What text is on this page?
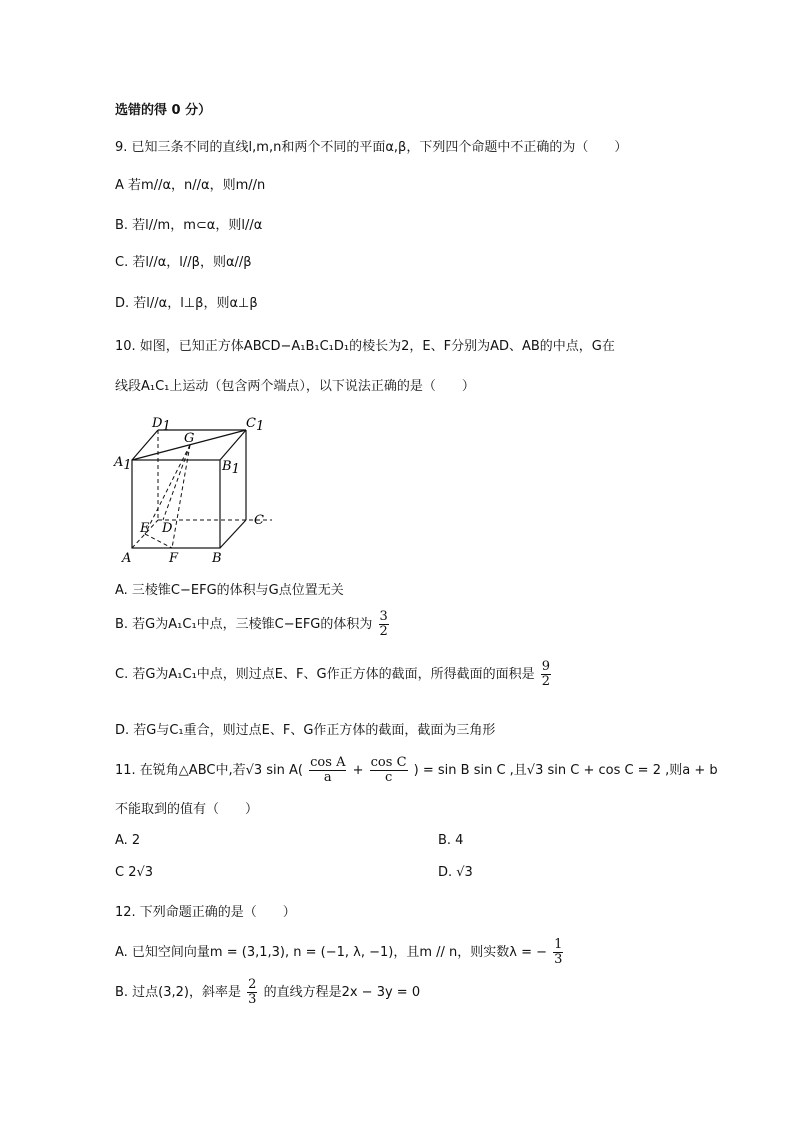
选错的得 0 分）
9. 已知三条不同的直线l,m,n和两个不同的平面α,β，下列四个命题中不正确的为（　　）
A 若m//α，n//α，则m//n
B. 若l//m，m⊂α，则l//α
C. 若l//α，l//β，则α//β
D. 若l//α，l⊥β，则α⊥β
10. 如图，已知正方体ABCD−A₁B₁C₁D₁的棱长为2，E、F分别为AD、AB的中点，G在
线段A₁C₁上运动（包含两个端点），以下说法正确的是（　　）
D1	C1
G
A1	B1
C
E D
A	F	B
A. 三棱锥C−EFG的体积与G点位置无关
B. 若G为A₁C₁中点，三棱锥C−EFG的体积为 $\frac{3}{2}$
C. 若G为A₁C₁中点，则过点E、F、G作正方体的截面，所得截面的面积是 $\frac{9}{2}$
D. 若G与C₁重合，则过点E、F、G作正方体的截面，截面为三角形
11. 在锐角△ABC中,若√3 $\sin A( \frac{\text{cos A}}{a} + \frac{\text{cos C}}{c}$ ) = sin B sin C ,且√3 sin C + cos C = 2 ,则a + b
不能取到的值有（　　）
A. 2	B. 4
C 2√3	D. √3
12. 下列命题正确的是（　　）
A. 已知空间向量m = (3,1,3), n = (−1, λ, −1)，且m // n，则实数λ = − $\frac{1}{3}$
B. 过点(3,2)，斜率是 $\frac{2}{3}$ 的直线方程是2x − 3y = 0
